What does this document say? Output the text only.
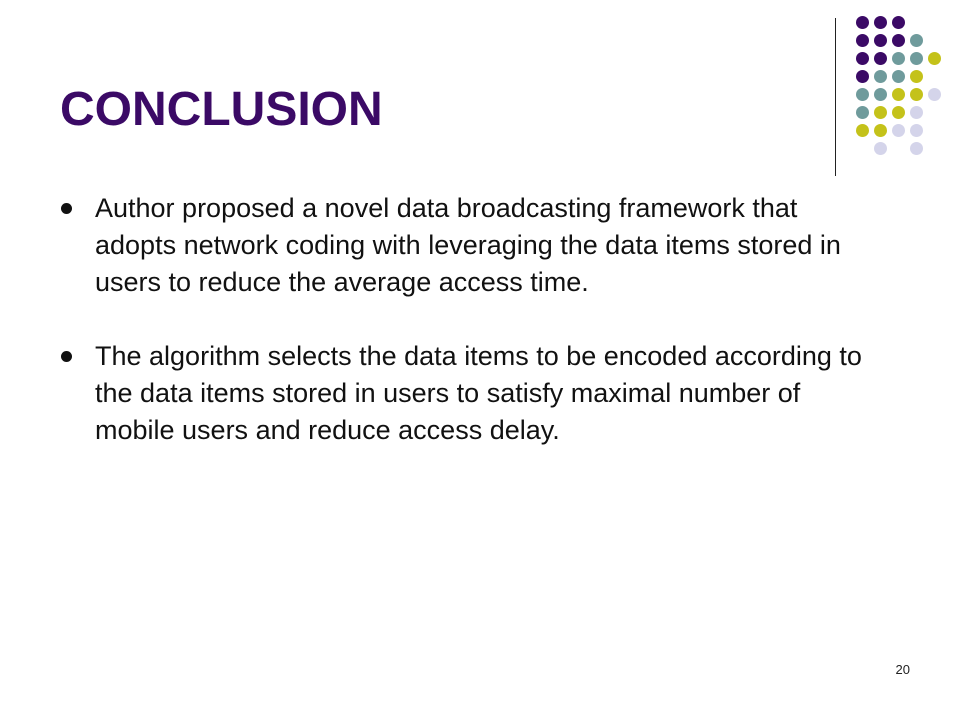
CONCLUSION
Author proposed a novel data broadcasting framework that adopts network coding with leveraging the data items stored in users to reduce the average access time.
The algorithm selects the data items to be encoded according to the data items stored in users to satisfy maximal number of mobile users and reduce access delay.
20
